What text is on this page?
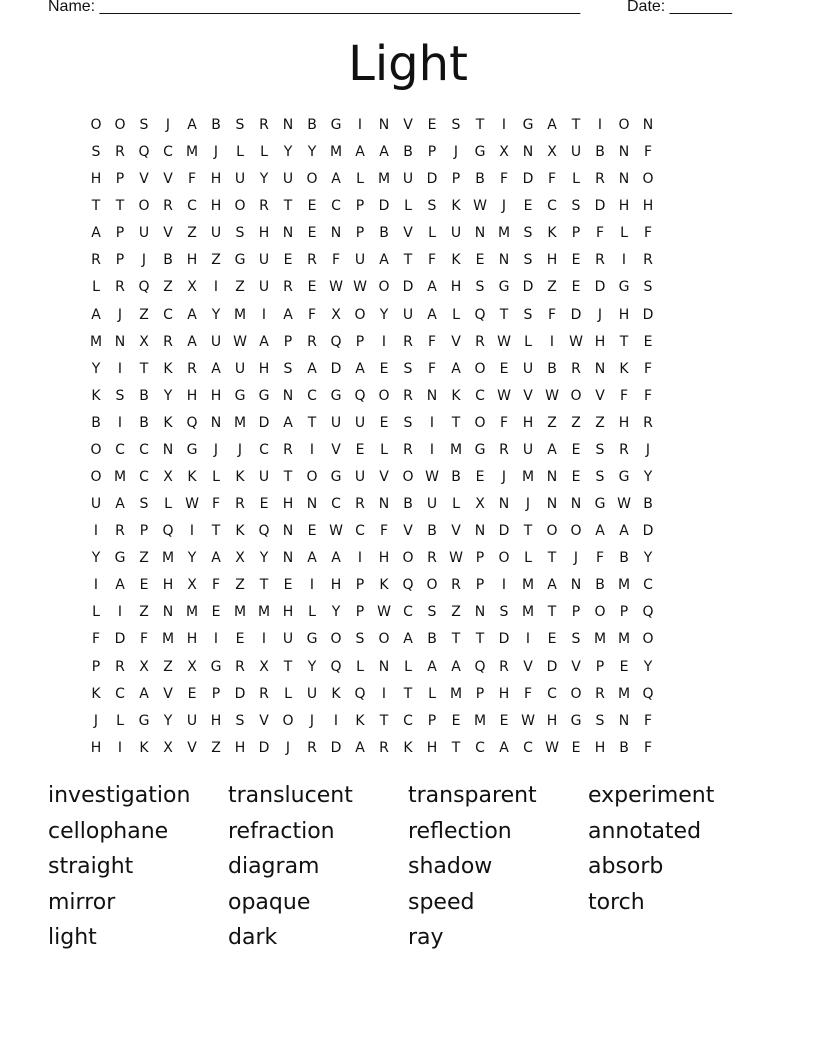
Name: ______________________________________________________	Date: _______
Light
O O	S	J	A	B	S	R N B G	I	N V	E	S	T	I	G A	T	I	O N
S	R Q C M	J	L	L	Y	Y M A	A	B	P	J	G X N X	U	B N	F
H	P	V	V	F	H U	Y	U O A	L	M U D	P	B	F	D	F	L	R N O
T	T	O R	C H O R	T	E	C	P	D	L	S	K W	J	E	C	S	D H H
A	P	U	V	Z	U	S	H N	E	N	P	B	V	L	U N M S	K	P	F	L	F
R	P	J	B H Z G U	E	R	F	U	A	T	F	K	E	N	S	H	E	R	I	R
L	R Q Z	X	I	Z	U	R	E W W O D A H	S	G D Z	E	D G	S
A	J	Z	C	A	Y M	I	A	F	X O	Y	U	A	L	Q	T	S	F	D	J	H D
M N X	R	A	U W A	P	R Q	P	I	R	F	V	R W L	I	W H	T	E
Y	I	T	K	R	A	U H	S	A D A	E	S	F	A O	E	U	B	R N	K	F
K	S	B	Y	H H G G N C G Q O R N	K	C W V W O V	F	F
B	I	B	K Q N M D A	T	U U	E	S	I	T	O	F	H Z	Z	Z H R
O C	C N G	J	J	C	R	I	V	E	L	R	I	M G R	U	A	E	S	R	J
O M C	X	K	L	K	U	T	O G U	V O W B	E	J	M N	E	S	G	Y
U	A	S	L W F	R	E	H N C	R N B	U	L	X N	J	N N G W B
I	R	P	Q	I	T	K Q N	E W C	F	V	B	V N D	T	O O A	A D
Y	G Z M Y	A	X	Y	N A	A	I	H O R W P	O	L	T	J	F	B	Y
I	A	E	H X	F	Z	T	E	I	H	P	K Q O R	P	I	M A N B M C
L	I	Z N M E M M H	L	Y	P W C	S	Z N	S M T	P	O	P	Q
F	D	F M H	I	E	I	U G O	S	O A	B	T	T	D	I	E	S M M O
P	R	X	Z	X G R	X	T	Y	Q	L	N	L	A	A Q R	V D V	P	E	Y
K	C	A	V	E	P	D R	L	U	K Q	I	T	L	M P	H	F	C O R M Q
J	L	G	Y	U H	S	V O	J	I	K	T	C	P	E M E W H G	S	N	F
H	I	K	X	V	Z H D	J	R D A	R	K	H	T	C	A	C W E	H B	F
investigation	translucent	transparent	experiment
cellophane	refraction	reflection	annotated
straight	diagram	shadow	absorb
mirror	opaque	speed	torch
light	dark	ray
